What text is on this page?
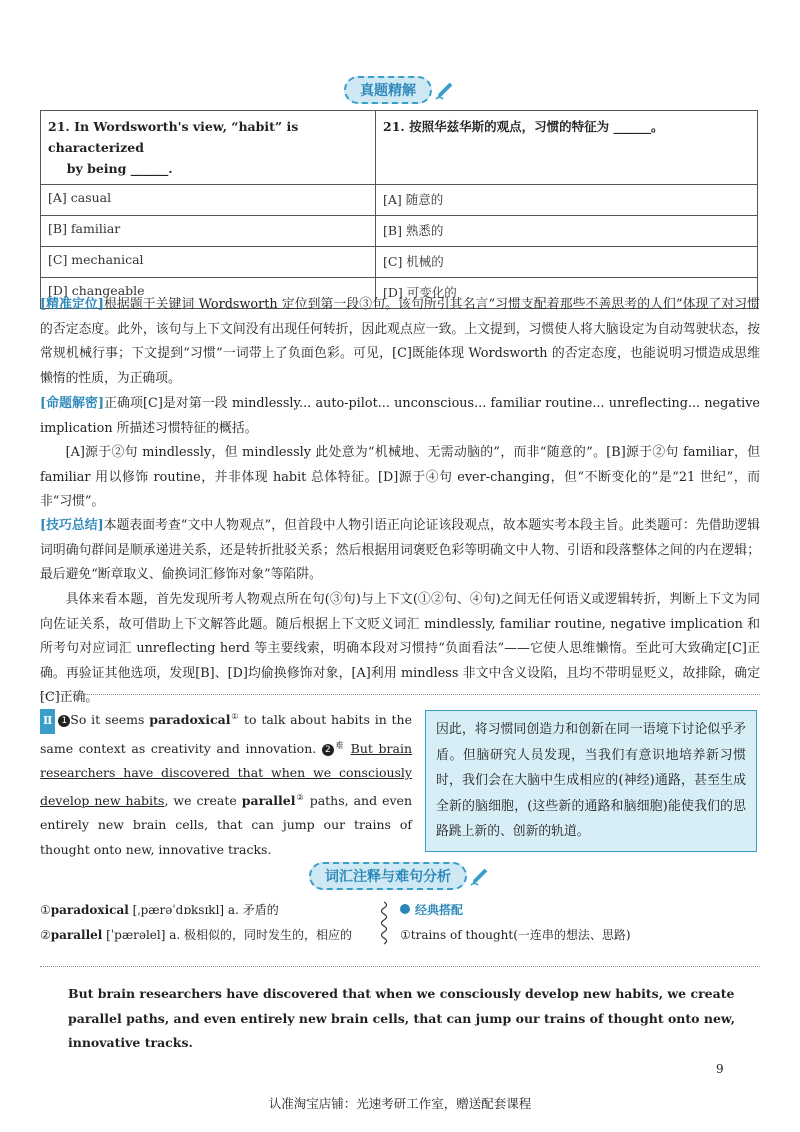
真题精解
21. In Wordsworth's view, “habit” is characterized
by being ______.	21. 按照华兹华斯的观点，习惯的特征为 ______。
[A] casual	[A] 随意的
[B] familiar	[B] 熟悉的
[C] mechanical	[C] 机械的
[D] changeable	[D] 可变化的
[精准定位]根据题干关键词 Wordsworth 定位到第一段③句。该句所引其名言“习惯支配着那些不善思考的人们”体现了对习惯的否定态度。此外，该句与上下文间没有出现任何转折，因此观点应一致。上文提到，习惯使人将大脑设定为自动驾驶状态，按常规机械行事；下文提到“习惯”一词带上了负面色彩。可见，[C]既能体现 Wordsworth 的否定态度，也能说明习惯造成思维懒惰的性质，为正确项。
[命题解密]正确项[C]是对第一段 mindlessly... auto-pilot... unconscious... familiar routine... unreflecting... negative implication 所描述习惯特征的概括。
[A]源于②句 mindlessly，但 mindlessly 此处意为“机械地、无需动脑的”，而非“随意的”。[B]源于②句 familiar，但 familiar 用以修饰 routine，并非体现 habit 总体特征。[D]源于④句 ever-changing，但“不断变化的”是“21 世纪”，而非“习惯”。
[技巧总结]本题表面考查“文中人物观点”，但首段中人物引语正向论证该段观点，故本题实考本段主旨。此类题可：先借助逻辑词明确句群间是顺承递进关系，还是转折批驳关系；然后根据用词褒贬色彩等明确文中人物、引语和段落整体之间的内在逻辑；最后避免“断章取义、偷换词汇修饰对象”等陷阱。
具体来看本题，首先发现所考人物观点所在句(③句)与上下文(①②句、④句)之间无任何语义或逻辑转折，判断上下文为同向佐证关系，故可借助上下文解答此题。随后根据上下文贬义词汇 mindlessly, familiar routine, negative implication 和所考句对应词汇 unreflecting herd 等主要线索，明确本段对习惯持“负面看法”——它使人思维懒惰。至此可大致确定[C]正确。再验证其他选项，发现[B]、[D]均偷换修饰对象，[A]利用 mindless 非文中含义设陷，且均不带明显贬义，故排除，确定[C]正确。
Ⅱ 1 So it seems paradoxical① to talk about habits in the same context as creativity and innovation. 2 $^难$ But brain researchers have discovered that when we consciously develop new habits, we create parallel② paths, and even entirely new brain cells, that can jump our trains of thought onto new, innovative tracks.
因此，将习惯同创造力和创新在同一语境下讨论似乎矛盾。但脑研究人员发现，当我们有意识地培养新习惯时，我们会在大脑中生成相应的(神经)通路，甚至生成全新的脑细胞，(这些新的通路和脑细胞)能使我们的思路跳上新的、创新的轨道。
词汇注释与难句分析
①paradoxical [ˌpærəˈdɒksɪkl] a. 矛盾的
②parallel [ˈpærəlel] a. 极相似的，同时发生的，相应的
经典搭配
①trains of thought(一连串的想法、思路)
But brain researchers have discovered that when we consciously develop new habits, we create parallel paths, and even entirely new brain cells, that can jump our trains of thought onto new, innovative tracks.
9
认准淘宝店铺：光速考研工作室，赠送配套课程
